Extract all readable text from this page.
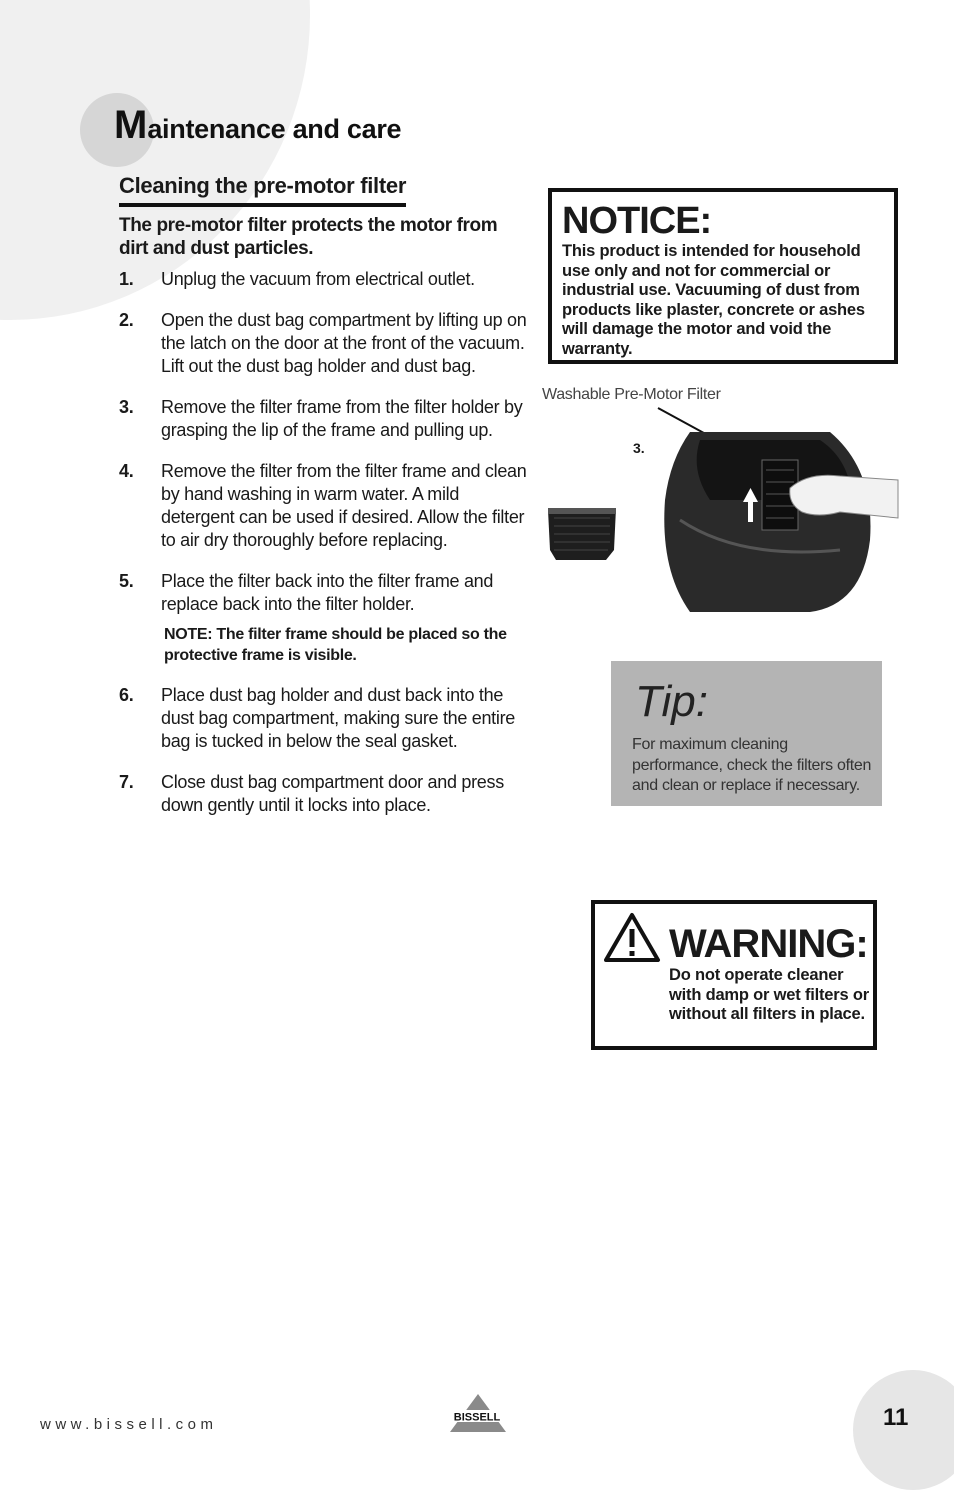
Maintenance and care
Cleaning the pre-motor filter
The pre-motor filter protects the motor from dirt and dust particles.
1. Unplug the vacuum from electrical outlet.
2. Open the dust bag compartment by lifting up on the latch on the door at the front of the vacuum. Lift out the dust bag holder and dust bag.
3. Remove the filter frame from the filter holder by grasping the lip of the frame and pulling up.
4. Remove the filter from the filter frame and clean by hand washing in warm water. A mild detergent can be used if desired. Allow the filter to air dry thoroughly before replacing.
5. Place the filter back into the filter frame and replace back into the filter holder.
NOTE: The filter frame should be placed so the protective frame is visible.
6. Place dust bag holder and dust back into the dust bag compartment, making sure the entire bag is tucked in below the seal gasket.
7. Close dust bag compartment door and press down gently until it locks into place.
NOTICE:
This product is intended for household use only and not for commercial or industrial use. Vacuuming of dust from products like plaster, concrete or ashes will damage the motor and void the warranty.
Washable Pre-Motor Filter
3.
Tip:
For maximum cleaning performance, check the filters often and clean or replace if necessary.
WARNING:
Do not operate cleaner with damp or wet filters or without all filters in place.
www.bissell.com	BISSELL	11
